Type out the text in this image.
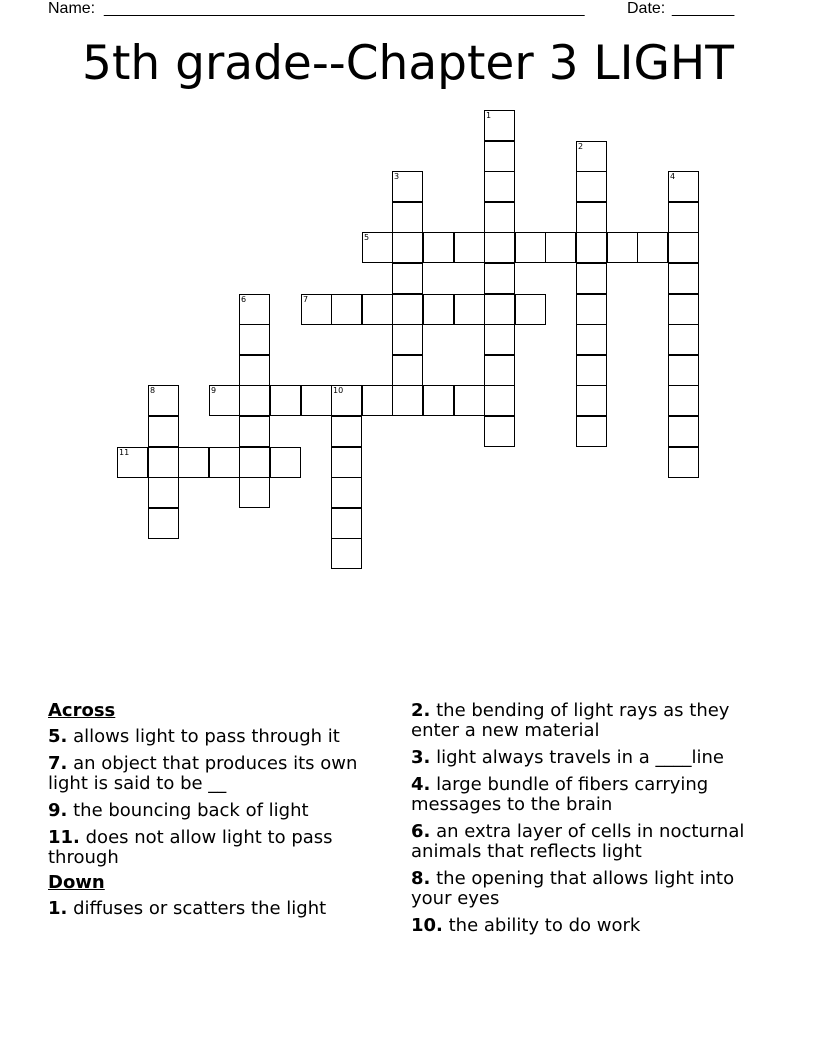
Name: ______________________________________________________	Date: _______
5th grade--Chapter 3 LIGHT
1
2
3	4
5
6	7
8	9	10
11
Across
5. allows light to pass through it
7. an object that produces its own light is said to be __
9. the bouncing back of light
11. does not allow light to pass through
Down
1. diffuses or scatters the light
2. the bending of light rays as they enter a new material
3. light always travels in a ____line
4. large bundle of fibers carrying messages to the brain
6. an extra layer of cells in nocturnal animals that reflects light
8. the opening that allows light into your eyes
10. the ability to do work
